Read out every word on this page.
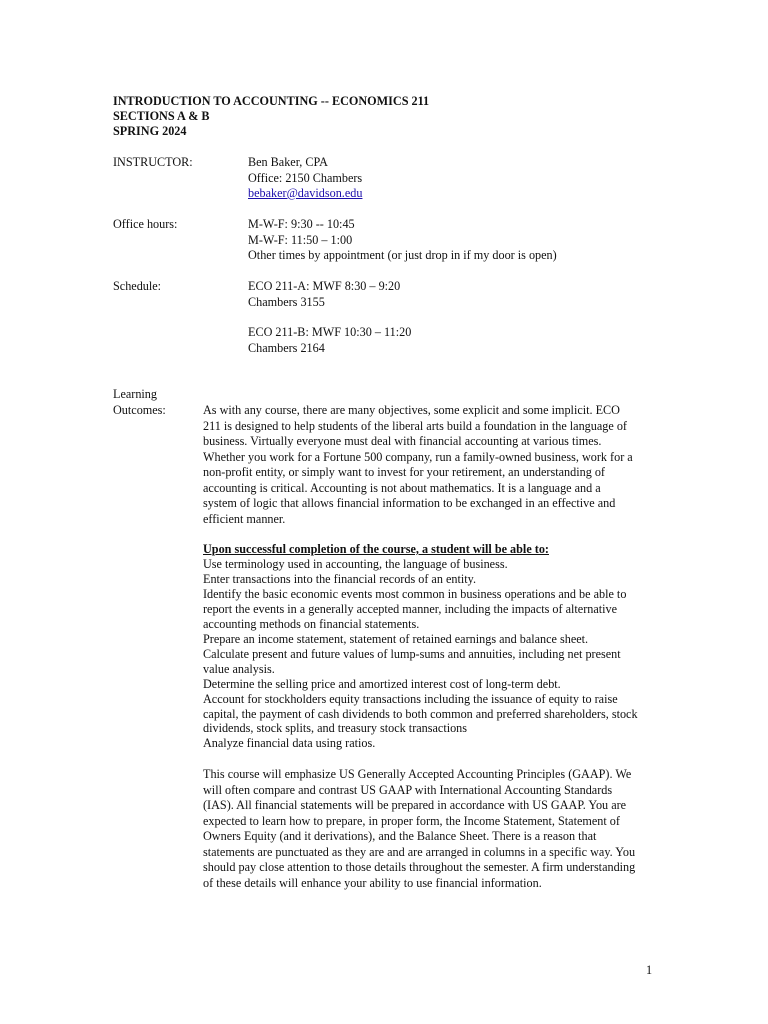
INTRODUCTION TO ACCOUNTING -- ECONOMICS 211
SECTIONS A & B
SPRING 2024
INSTRUCTOR:	Ben Baker, CPA
Office: 2150 Chambers
bebaker@davidson.edu
Office hours:	M-W-F: 9:30 -- 10:45
M-W-F: 11:50 – 1:00
Other times by appointment (or just drop in if my door is open)
Schedule:	ECO 211-A: MWF 8:30 – 9:20
Chambers 3155
ECO 211-B: MWF 10:30 – 11:20
Chambers 2164
Learning
Outcomes:	As with any course, there are many objectives, some explicit and some implicit. ECO
211 is designed to help students of the liberal arts build a foundation in the language of
business. Virtually everyone must deal with financial accounting at various times.
Whether you work for a Fortune 500 company, run a family-owned business, work for a
non-profit entity, or simply want to invest for your retirement, an understanding of
accounting is critical. Accounting is not about mathematics. It is a language and a
system of logic that allows financial information to be exchanged in an effective and
efficient manner.
Upon successful completion of the course, a student will be able to:
Use terminology used in accounting, the language of business.
Enter transactions into the financial records of an entity.
Identify the basic economic events most common in business operations and be able to
report the events in a generally accepted manner, including the impacts of alternative
accounting methods on financial statements.
Prepare an income statement, statement of retained earnings and balance sheet.
Calculate present and future values of lump-sums and annuities, including net present
value analysis.
Determine the selling price and amortized interest cost of long-term debt.
Account for stockholders equity transactions including the issuance of equity to raise
capital, the payment of cash dividends to both common and preferred shareholders, stock
dividends, stock splits, and treasury stock transactions
Analyze financial data using ratios.
This course will emphasize US Generally Accepted Accounting Principles (GAAP). We
will often compare and contrast US GAAP with International Accounting Standards
(IAS). All financial statements will be prepared in accordance with US GAAP. You are
expected to learn how to prepare, in proper form, the Income Statement, Statement of
Owners Equity (and it derivations), and the Balance Sheet. There is a reason that
statements are punctuated as they are and are arranged in columns in a specific way. You
should pay close attention to those details throughout the semester. A firm understanding
of these details will enhance your ability to use financial information.
1
